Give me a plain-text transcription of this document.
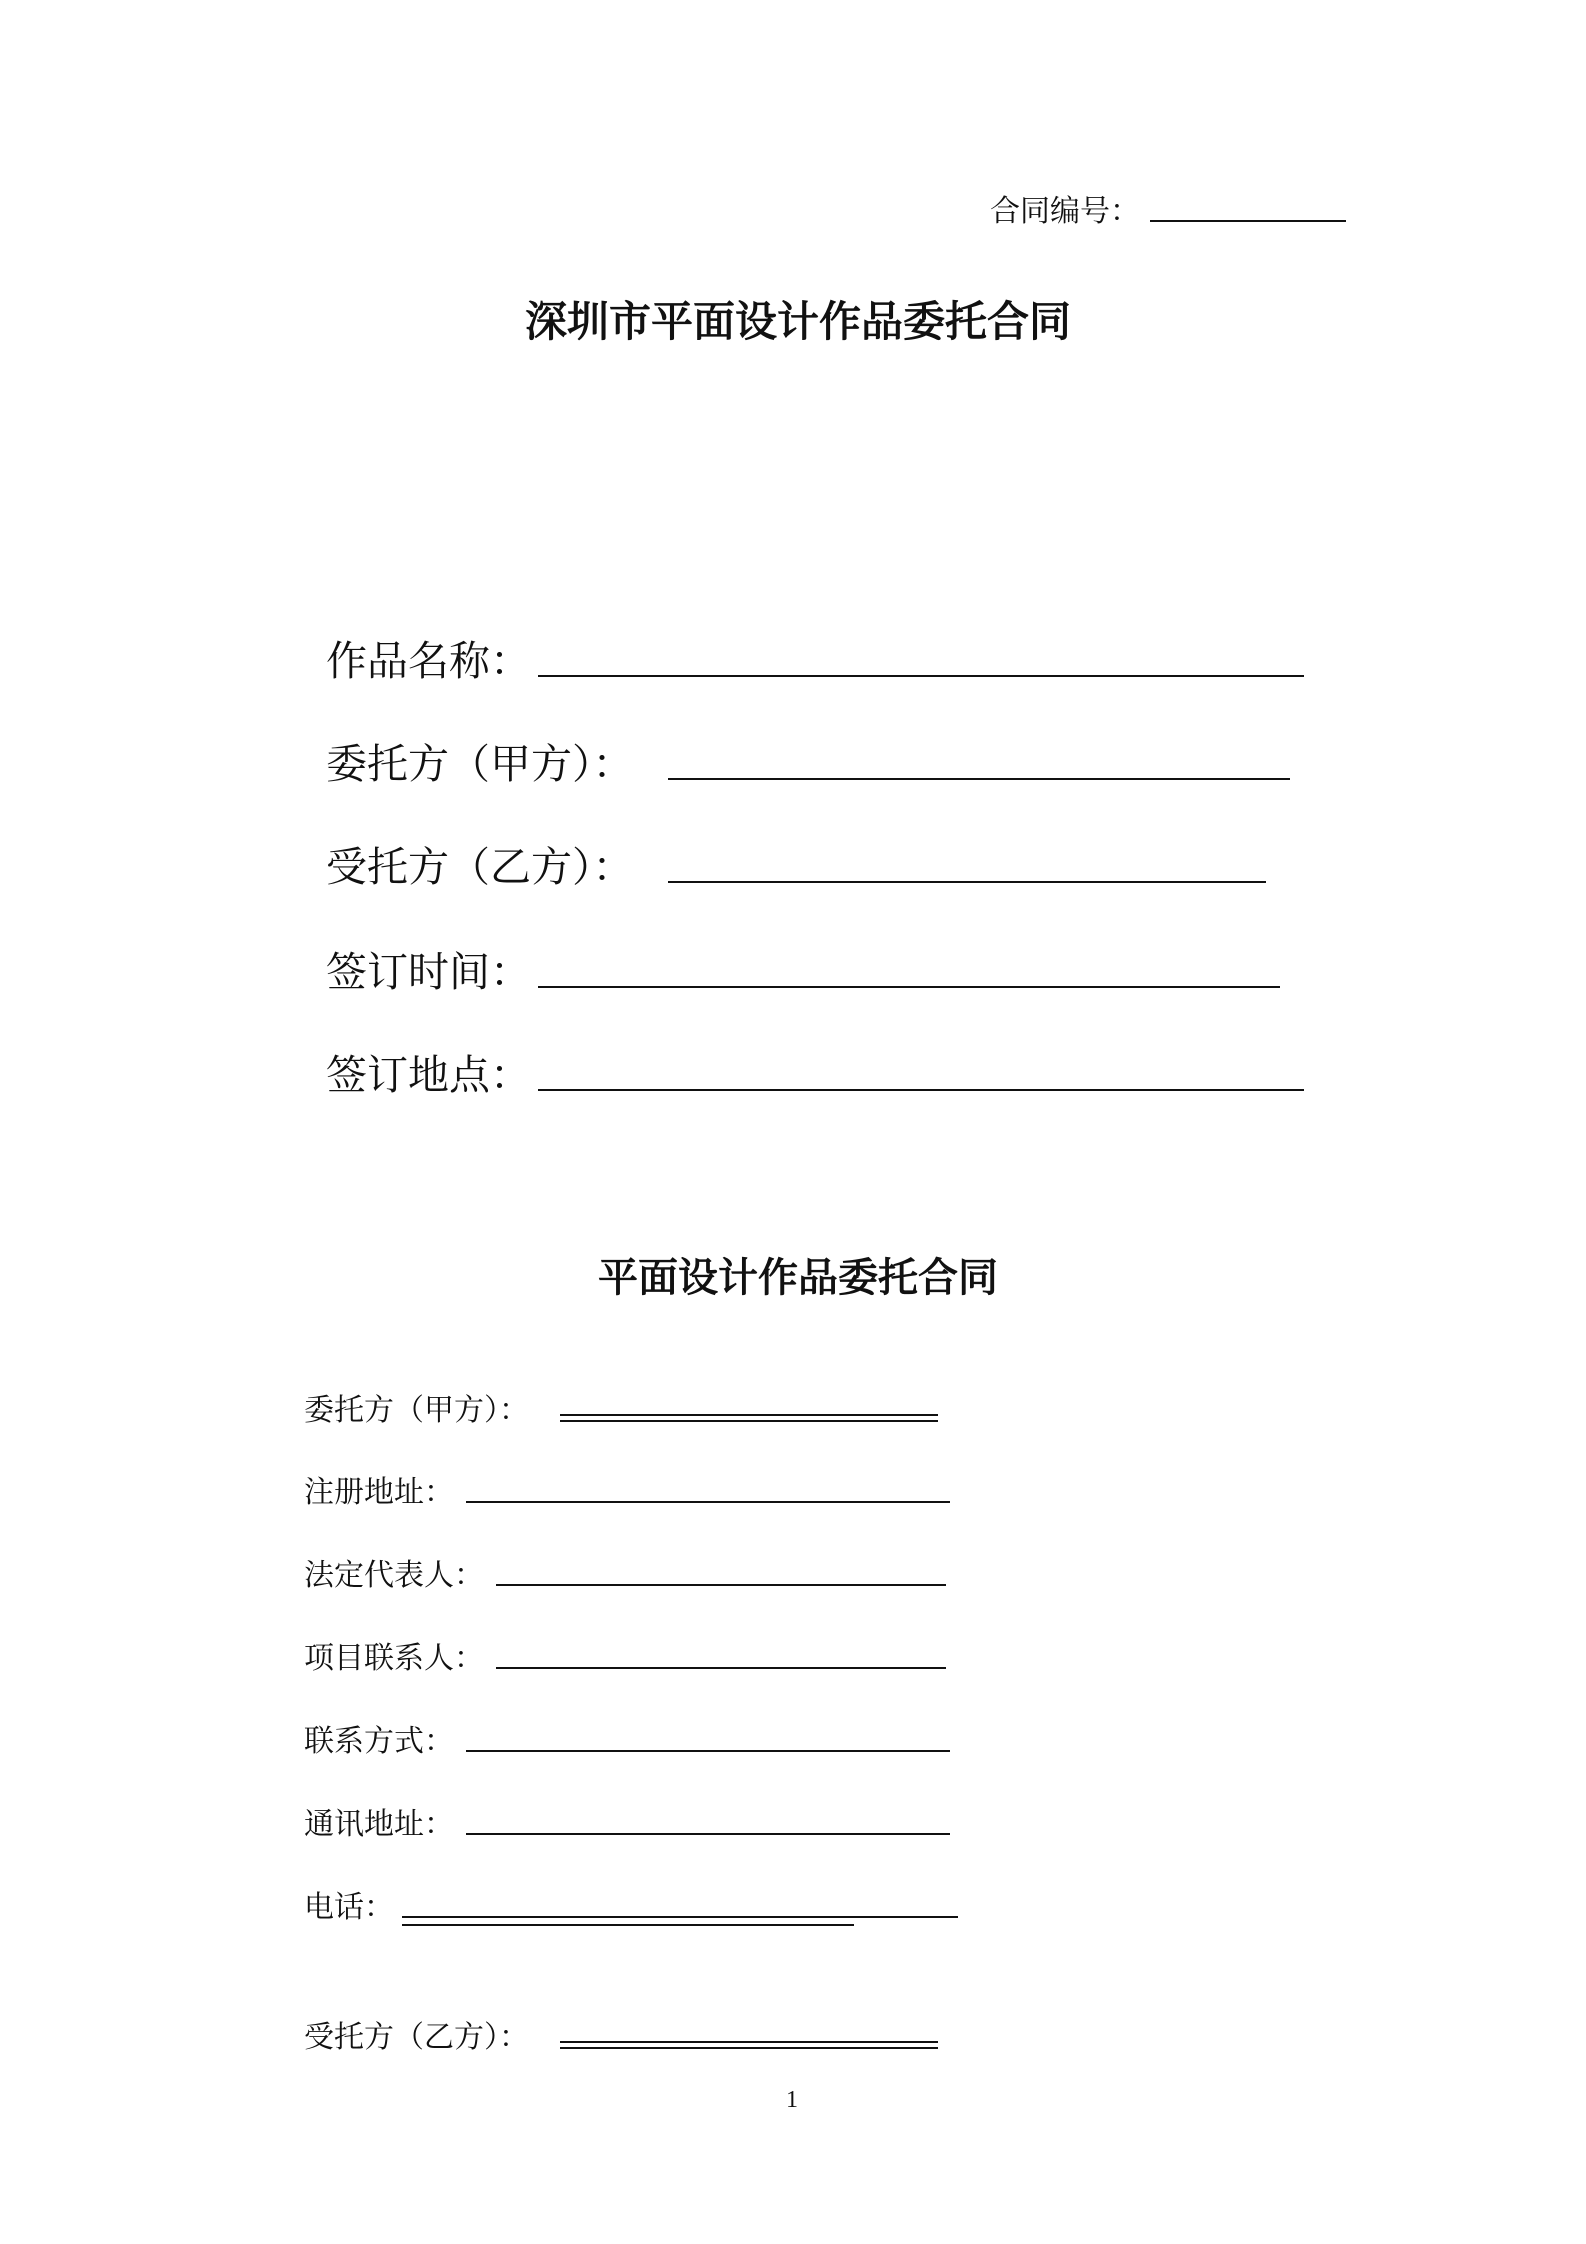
合同编号：
深圳市平面设计作品委托合同
作品名称：
委托方（甲方）：
受托方（乙方）：
签订时间：
签订地点：
平面设计作品委托合同
委托方（甲方）：
注册地址：
法定代表人：
项目联系人：
联系方式：
通讯地址：
电话：
受托方（乙方）：
1
